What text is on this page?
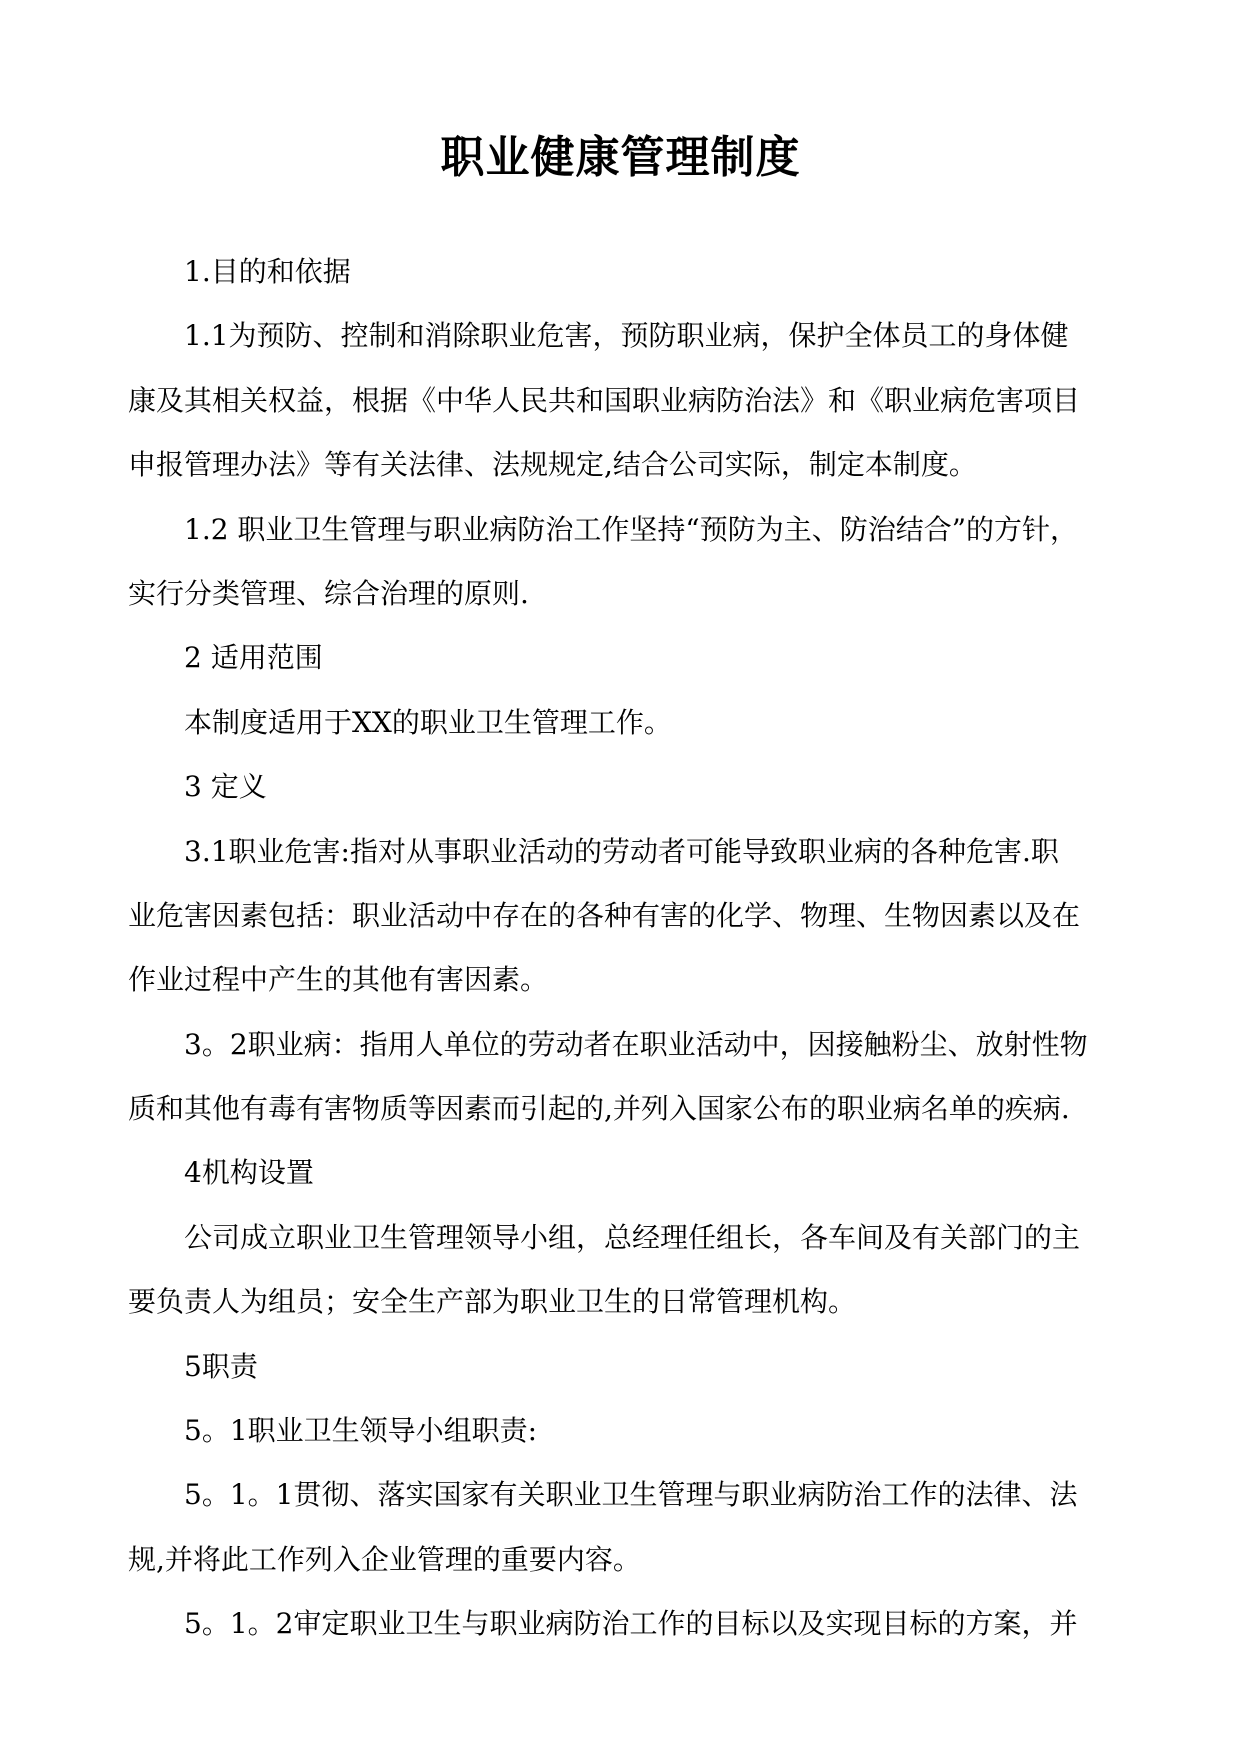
职业健康管理制度
1.目的和依据
1.1为预防、控制和消除职业危害，预防职业病，保护全体员工的身体健
康及其相关权益，根据《中华人民共和国职业病防治法》和《职业病危害项目
申报管理办法》等有关法律、法规规定,结合公司实际，制定本制度。
1.2 职业卫生管理与职业病防治工作坚持“预防为主、防治结合”的方针，
实行分类管理、综合治理的原则.
2 适用范围
本制度适用于XX的职业卫生管理工作。
3 定义
3.1职业危害:指对从事职业活动的劳动者可能导致职业病的各种危害.职
业危害因素包括：职业活动中存在的各种有害的化学、物理、生物因素以及在
作业过程中产生的其他有害因素。
3。2职业病：指用人单位的劳动者在职业活动中，因接触粉尘、放射性物
质和其他有毒有害物质等因素而引起的,并列入国家公布的职业病名单的疾病.
4机构设置
公司成立职业卫生管理领导小组，总经理任组长，各车间及有关部门的主
要负责人为组员；安全生产部为职业卫生的日常管理机构。
5职责
5。1职业卫生领导小组职责:
5。1。1贯彻、落实国家有关职业卫生管理与职业病防治工作的法律、法
规,并将此工作列入企业管理的重要内容。
5。1。2审定职业卫生与职业病防治工作的目标以及实现目标的方案，并
